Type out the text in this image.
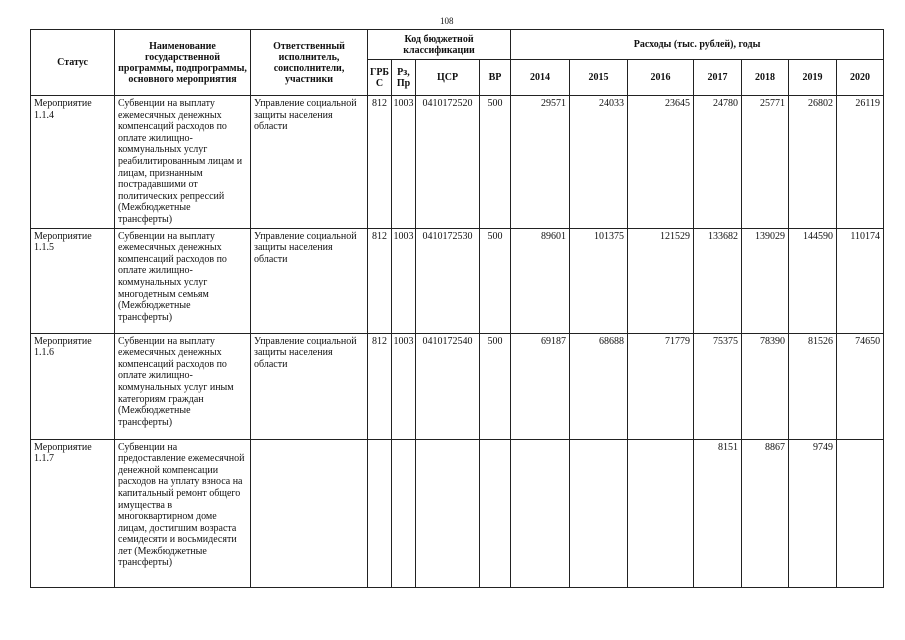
108
Статус	Наименование государственной программы, подпрограммы, основного мероприятия	Ответственный исполнитель, соисполнители, участники	Код бюджетной классификации				Расходы (тыс. рублей), годы						
			ГРБ С	Рз, Пр	ЦСР	ВР	2014	2015	2016	2017	2018	2019	2020
Мероприятие 1.1.4	Субвенции на выплату ежемесячных денежных компенсаций расходов по оплате жилищно-коммунальных услуг реабилитированным лицам и лицам, признанным пострадавшими от политических репрессий (Межбюджетные трансферты)	Управление социальной защиты населения области	812	1003	0410172520	500	29571	24033	23645	24780	25771	26802	26119
Мероприятие 1.1.5	Субвенции на выплату ежемесячных денежных компенсаций расходов по оплате жилищно-коммунальных услуг многодетным семьям (Межбюджетные трансферты)	Управление социальной защиты населения области	812	1003	0410172530	500	89601	101375	121529	133682	139029	144590	110174
Мероприятие 1.1.6	Субвенции на выплату ежемесячных денежных компенсаций расходов по оплате жилищно-коммунальных услуг иным категориям граждан (Межбюджетные трансферты)	Управление социальной защиты населения области	812	1003	0410172540	500	69187	68688	71779	75375	78390	81526	74650
Мероприятие 1.1.7	Субвенции на предоставление ежемесячной денежной компенсации расходов на уплату взноса на капитальный ремонт общего имущества в многоквартирном доме лицам, достигшим возраста семидесяти и восьмидесяти лет (Межбюджетные трансферты)									8151	8867	9749	
